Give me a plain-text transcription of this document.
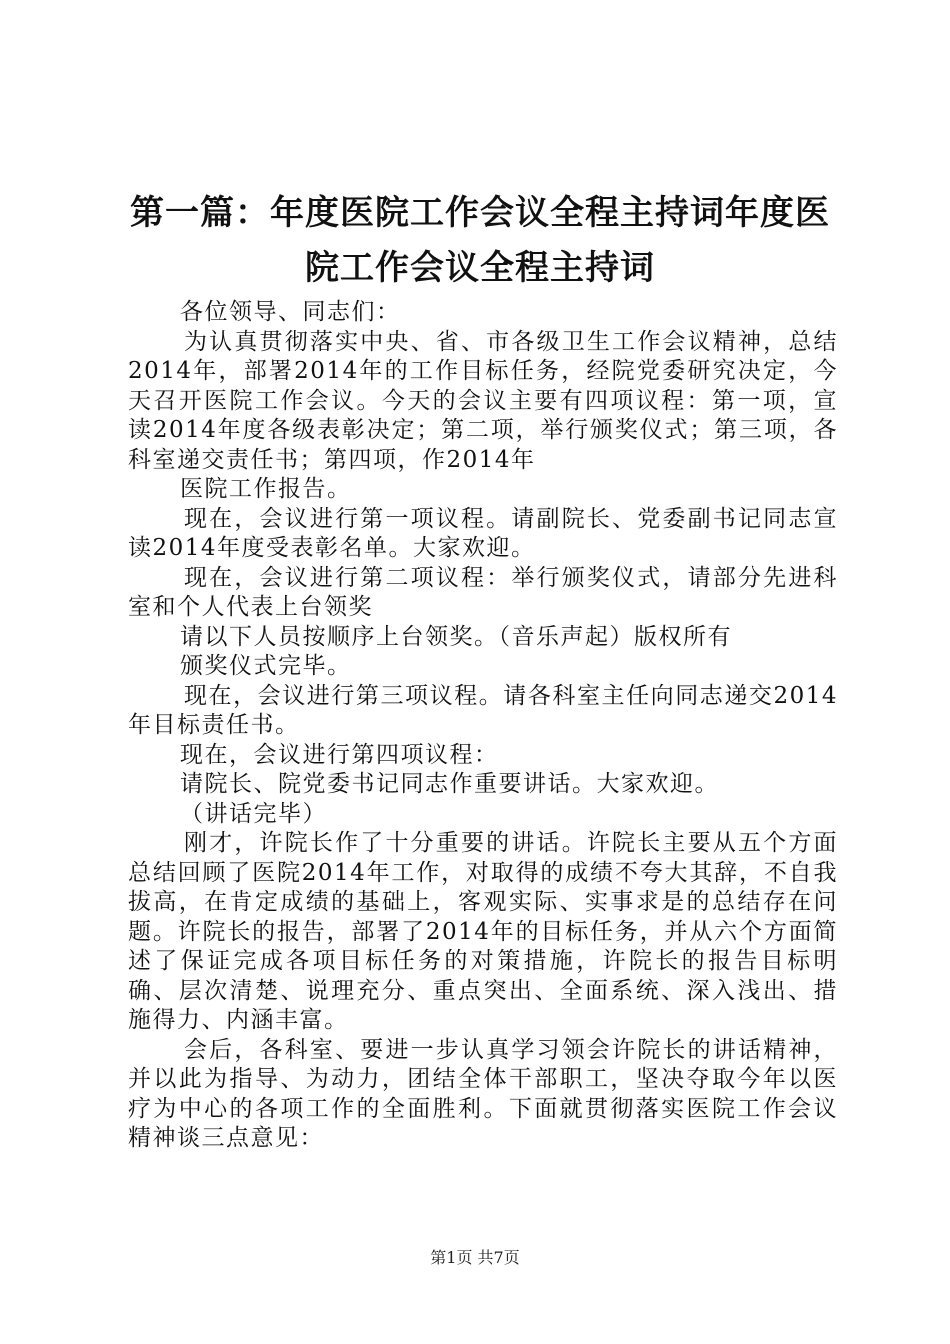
第一篇：年度医院工作会议全程主持词年度医院工作会议全程主持词

各位领导、同志们：

为认真贯彻落实中央、省、市各级卫生工作会议精神，总结2014年，部署2014年的工作目标任务，经院党委研究决定，今天召开医院工作会议。今天的会议主要有四项议程：第一项，宣读2014年度各级表彰决定；第二项，举行颁奖仪式；第三项，各科室递交责任书；第四项，作2014年

医院工作报告。

现在，会议进行第一项议程。请副院长、党委副书记同志宣读2014年度受表彰名单。大家欢迎。

现在，会议进行第二项议程：举行颁奖仪式，请部分先进科室和个人代表上台领奖

请以下人员按顺序上台领奖。（音乐声起）版权所有

颁奖仪式完毕。

现在，会议进行第三项议程。请各科室主任向同志递交2014年目标责任书。

现在，会议进行第四项议程：

请院长、院党委书记同志作重要讲话。大家欢迎。

（讲话完毕）

刚才，许院长作了十分重要的讲话。许院长主要从五个方面总结回顾了医院2014年工作，对取得的成绩不夸大其辞，不自我拔高，在肯定成绩的基础上，客观实际、实事求是的总结存在问题。许院长的报告，部署了2014年的目标任务，并从六个方面简述了保证完成各项目标任务的对策措施，许院长的报告目标明确、层次清楚、说理充分、重点突出、全面系统、深入浅出、措施得力、内涵丰富。

会后，各科室、要进一步认真学习领会许院长的讲话精神，并以此为指导、为动力，团结全体干部职工，坚决夺取今年以医疗为中心的各项工作的全面胜利。下面就贯彻落实医院工作会议精神谈三点意见：

第1页 共7页
